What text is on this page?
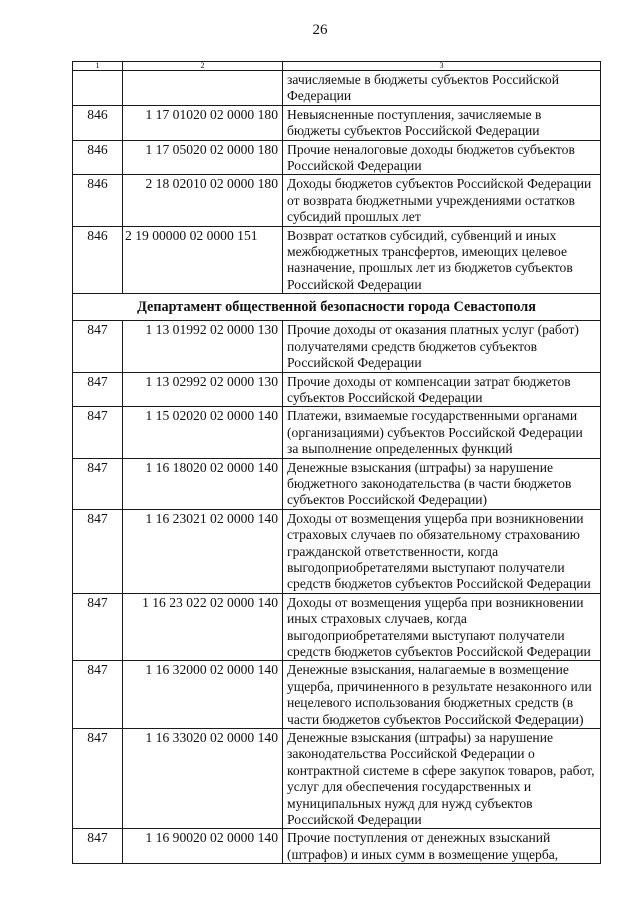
26
1	2	3
		зачисляемые в бюджеты субъектов Российской Федерации
846	1 17 01020 02 0000 180	Невыясненные поступления, зачисляемые в бюджеты субъектов Российской Федерации
846	1 17 05020 02 0000 180	Прочие неналоговые доходы бюджетов субъектов Российской Федерации
846	2 18 02010 02 0000 180	Доходы бюджетов субъектов Российской Федерации от возврата бюджетными учреждениями остатков субсидий прошлых лет
846	2 19 00000 02 0000 151	Возврат остатков субсидий, субвенций и иных межбюджетных трансфертов, имеющих целевое назначение, прошлых лет из бюджетов субъектов Российской Федерации
Департамент общественной безопасности города Севастополя		
847	1 13 01992 02 0000 130	Прочие доходы от оказания платных услуг (работ) получателями средств бюджетов субъектов Российской Федерации
847	1 13 02992 02 0000 130	Прочие доходы от компенсации затрат бюджетов субъектов Российской Федерации
847	1 15 02020 02 0000 140	Платежи, взимаемые государственными органами (организациями) субъектов Российской Федерации за выполнение определенных функций
847	1 16 18020 02 0000 140	Денежные взыскания (штрафы) за нарушение бюджетного законодательства (в части бюджетов субъектов Российской Федерации)
847	1 16 23021 02 0000 140	Доходы от возмещения ущерба при возникновении страховых случаев по обязательному страхованию гражданской ответственности, когда выгодоприобретателями выступают получатели средств бюджетов субъектов Российской Федерации
847	1 16 23 022 02 0000 140	Доходы от возмещения ущерба при возникновении иных страховых случаев, когда выгодоприобретателями выступают получатели средств бюджетов субъектов Российской Федерации
847	1 16 32000 02 0000 140	Денежные взыскания, налагаемые в возмещение ущерба, причиненного в результате незаконного или нецелевого использования бюджетных средств (в части бюджетов субъектов Российской Федерации)
847	1 16 33020 02 0000 140	Денежные взыскания (штрафы) за нарушение законодательства Российской Федерации о контрактной системе в сфере закупок товаров, работ, услуг для обеспечения государственных и муниципальных нужд для нужд субъектов Российской Федерации
847	1 16 90020 02 0000 140	Прочие поступления от денежных взысканий (штрафов) и иных сумм в возмещение ущерба,
